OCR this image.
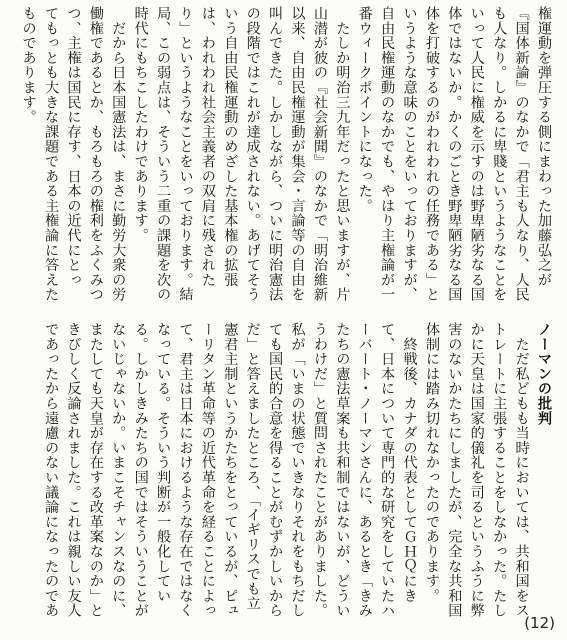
権運動を弾圧する側にまわった加藤弘之が
『国体新論』のなかで「君主も人なり、人民
も人なり。しかるに卑賤というようなことを
いって人民に権威を示すのは野卑陋劣なる国
体ではないか。かくのごとき野卑陋劣なる国
体を打破するのがわれわれの任務である」と
いうような意味のことをいっておりますが、
自由民権運動のなかでも、やはり主権論が一
番ウィークポイントになった。
　たしか明治三九年だったと思いますが、片
山潜が彼の『社会新聞』のなかで「明治維新
以来、自由民権運動が集会・言論等の自由を
叫んできた。しかしながら、ついに明治憲法
の段階ではこれが達成されない。あげてそう
いう自由民権運動のめざした基本権の拡張
は、われわれ社会主義者の双肩に残された
り」というようなことをいっております。結
局、この弱点は、そういう二重の課題を次の
時代にもちこしたわけであります。
　だから日本国憲法は、まさに勤労大衆の労
働権であるとか、もろもろの権利をふくみつ
つ、主権は国民に存す、日本の近代にとっ
てもっとも大きな課題である主権論に答えた
ものであります。
ノーマンの批判
　ただ私どもも当時においては、共和国をス
トレートに主張することをしなかった。たし
かに天皇は国家的儀礼を司るというふうに弊
害のないかたちにしましたが、完全な共和国
体制には踏み切れなかったのであります。
　終戦後、カナダの代表としてＧＨＱにき
て、日本について専門的な研究をしていたハ
ーバート・ノーマンさんに、あるとき「きみ
たちの憲法草案も共和制ではないが、どうい
うわけだ」と質問されたことがありました。
私が「いまの状態でいきなりそれをもちだし
ても国民的合意を得ることがむずかしいから
だ」と答えましたところ、「イギリスでも立
憲君主制というかたちをとっているが、ピュ
ーリタン革命等の近代革命を経ることによっ
て、君主は日本におけるような存在ではなく
なっている。そういう判断が一般化してい
る。しかしきみたちの国ではそういうことが
ないじゃないか。いまこそチャンスなのに、
またしても天皇が存在する改革案なのか」と
きびしく反論されました。これは親しい友人
であったから遠慮のない議論になったのであ
(12)
